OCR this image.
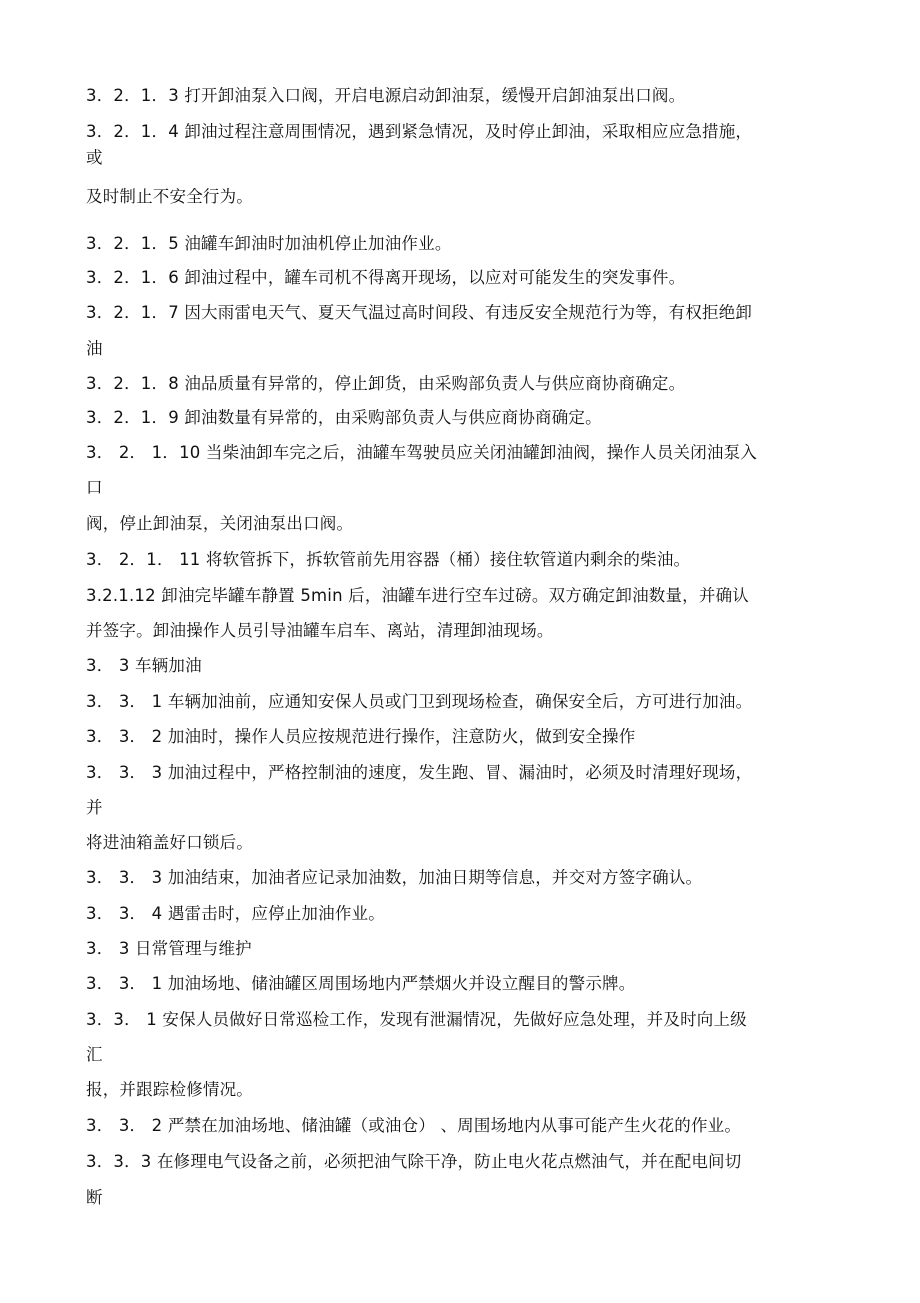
3．2．1．3 打开卸油泵入口阀，开启电源启动卸油泵，缓慢开启卸油泵出口阀。
3．2．1．4 卸油过程注意周围情况，遇到紧急情况，及时停止卸油，采取相应应急措施，
或
及时制止不安全行为。
3．2．1．5 油罐车卸油时加油机停止加油作业。
3．2．1．6 卸油过程中，罐车司机不得离开现场，以应对可能发生的突发事件。
3．2．1．7 因大雨雷电天气、夏天气温过高时间段、有违反安全规范行为等，有权拒绝卸
油
3．2．1．8 油品质量有异常的，停止卸货，由采购部负责人与供应商协商确定。
3．2．1．9 卸油数量有异常的，由采购部负责人与供应商协商确定。
3． 2． 1．10 当柴油卸车完之后，油罐车驾驶员应关闭油罐卸油阀，操作人员关闭油泵入
口
阀，停止卸油泵，关闭油泵出口阀。
3． 2．1． 11 将软管拆下，拆软管前先用容器（桶）接住软管道内剩余的柴油。
3.2.1.12 卸油完毕罐车静置 5min 后，油罐车进行空车过磅。双方确定卸油数量，并确认
并签字。卸油操作人员引导油罐车启车、离站，清理卸油现场。
3． 3 车辆加油
3． 3． 1 车辆加油前，应通知安保人员或门卫到现场检查，确保安全后，方可进行加油。
3． 3． 2 加油时，操作人员应按规范进行操作，注意防火，做到安全操作
3． 3． 3 加油过程中，严格控制油的速度，发生跑、冒、漏油时，必须及时清理好现场，
并
将进油箱盖好口锁后。
3． 3． 3 加油结束，加油者应记录加油数，加油日期等信息，并交对方签字确认。
3． 3． 4 遇雷击时，应停止加油作业。
3． 3 日常管理与维护
3． 3． 1 加油场地、储油罐区周围场地内严禁烟火并设立醒目的警示牌。
3．3． 1 安保人员做好日常巡检工作，发现有泄漏情况，先做好应急处理，并及时向上级
汇
报，并跟踪检修情况。
3． 3． 2 严禁在加油场地、储油罐（或油仓） 、周围场地内从事可能产生火花的作业。
3．3．3 在修理电气设备之前，必须把油气除干净，防止电火花点燃油气，并在配电间切
断
